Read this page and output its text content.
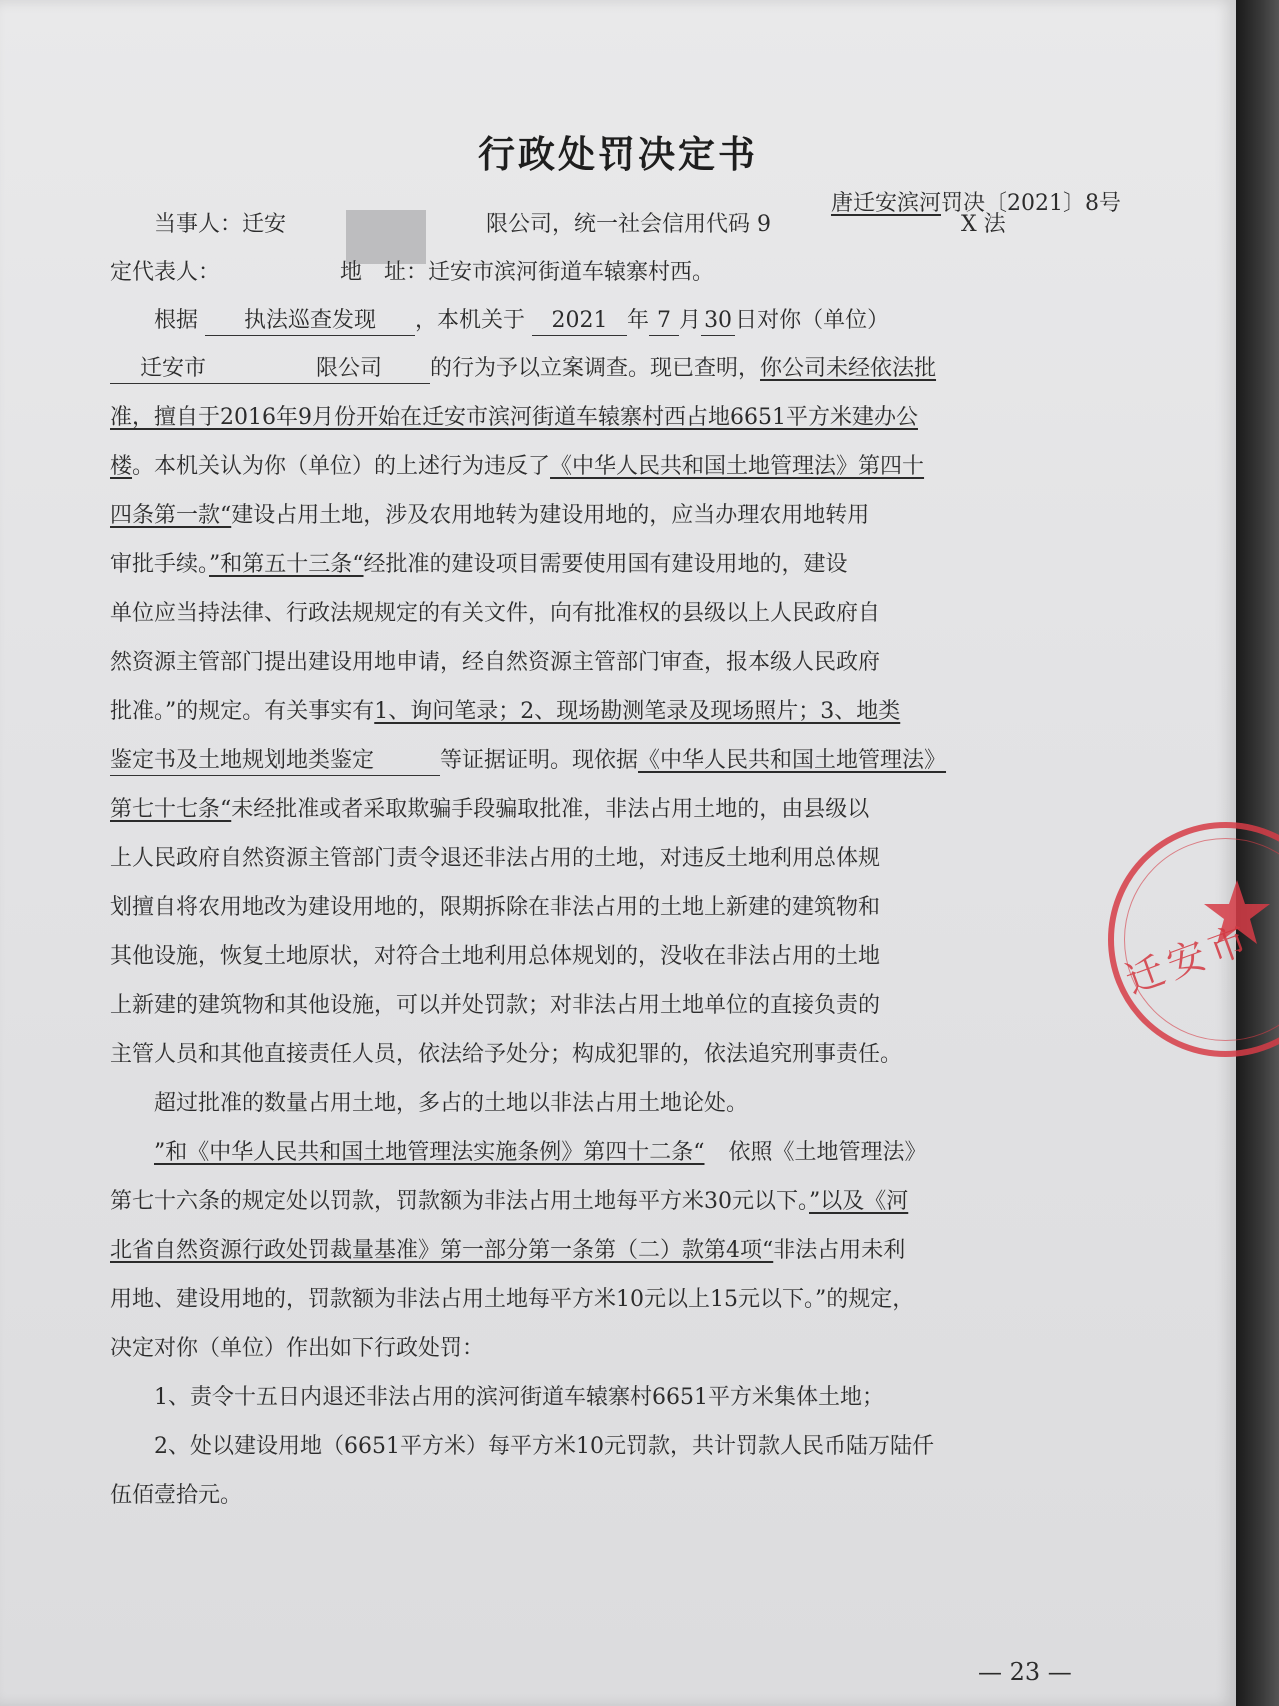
行政处罚决定书
唐迁安滨河罚决〔2021〕8号
当事人：迁安	限公司，统一社会信用代码 9	X 法
定代表人：	地　址：迁安市滨河街道车辕寨村西。
根据 执法巡查发现 ，本机关于 2021 年 7 月 30 日对你（单位）
迁安市	限公司 的行为予以立案调查。现已查明，你公司未经依法批
准，擅自于2016年9月份开始在迁安市滨河街道车辕寨村西占地6651平方米建办公
楼。本机关认为你（单位）的上述行为违反了《中华人民共和国土地管理法》第四十
四条第一款“建设占用土地，涉及农用地转为建设用地的，应当办理农用地转用
审批手续。”和第五十三条“经批准的建设项目需要使用国有建设用地的，建设
单位应当持法律、行政法规规定的有关文件，向有批准权的县级以上人民政府自
然资源主管部门提出建设用地申请，经自然资源主管部门审查，报本级人民政府
批准。”的规定。有关事实有1、询问笔录；2、现场勘测笔录及现场照片；3、地类
鉴定书及土地规划地类鉴定	等证据证明。现依据《中华人民共和国土地管理法》
第七十七条“未经批准或者采取欺骗手段骗取批准，非法占用土地的，由县级以
上人民政府自然资源主管部门责令退还非法占用的土地，对违反土地利用总体规
划擅自将农用地改为建设用地的，限期拆除在非法占用的土地上新建的建筑物和
其他设施，恢复土地原状，对符合土地利用总体规划的，没收在非法占用的土地
上新建的建筑物和其他设施，可以并处罚款；对非法占用土地单位的直接负责的
主管人员和其他直接责任人员，依法给予处分；构成犯罪的，依法追究刑事责任。
超过批准的数量占用土地，多占的土地以非法占用土地论处。
”和《中华人民共和国土地管理法实施条例》第四十二条“ 依照《土地管理法》
第七十六条的规定处以罚款，罚款额为非法占用土地每平方米30元以下。”以及《河
北省自然资源行政处罚裁量基准》第一部分第一条第（二）款第4项“非法占用未利
用地、建设用地的，罚款额为非法占用土地每平方米10元以上15元以下。”的规定，
决定对你（单位）作出如下行政处罚：
1、责令十五日内退还非法占用的滨河街道车辕寨村6651平方米集体土地；
2、处以建设用地（6651平方米）每平方米10元罚款，共计罚款人民币陆万陆仟
伍佰壹拾元。
迁安市
— 23 —
